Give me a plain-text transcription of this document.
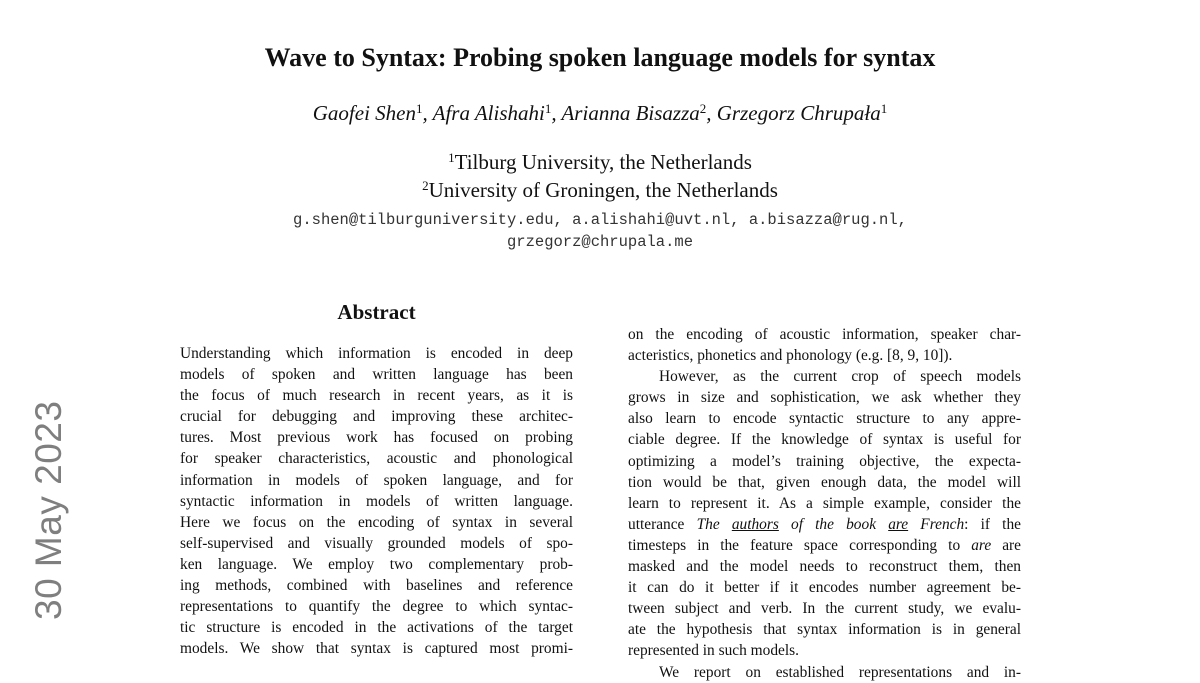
Wave to Syntax: Probing spoken language models for syntax
Gaofei Shen$^1$, Afra Alishahi$^1$, Arianna Bisazza$^2$, Grzegorz Chrupała$^1$
$^1$Tilburg University, the Netherlands
$^2$University of Groningen, the Netherlands
g.shen@tilburguniversity.edu, a.alishahi@uvt.nl, a.bisazza@rug.nl,
grzegorz@chrupala.me
30 May 2023
Abstract
Understanding which information is encoded in deep
models of spoken and written language has been
the focus of much research in recent years, as it is
crucial for debugging and improving these architec-
tures. Most previous work has focused on probing
for speaker characteristics, acoustic and phonological
information in models of spoken language, and for
syntactic information in models of written language.
Here we focus on the encoding of syntax in several
self-supervised and visually grounded models of spo-
ken language. We employ two complementary prob-
ing methods, combined with baselines and reference
representations to quantify the degree to which syntac-
tic structure is encoded in the activations of the target
models. We show that syntax is captured most promi-
on the encoding of acoustic information, speaker char-
acteristics, phonetics and phonology (e.g. [8, 9, 10]).
However, as the current crop of speech models
grows in size and sophistication, we ask whether they
also learn to encode syntactic structure to any appre-
ciable degree. If the knowledge of syntax is useful for
optimizing a model’s training objective, the expecta-
tion would be that, given enough data, the model will
learn to represent it. As a simple example, consider the
utterance The authors of the book are French: if the
timesteps in the feature space corresponding to are are
masked and the model needs to reconstruct them, then
it can do it better if it encodes number agreement be-
tween subject and verb. In the current study, we evalu-
ate the hypothesis that syntax information is in general
represented in such models.
We report on established representations and in-
